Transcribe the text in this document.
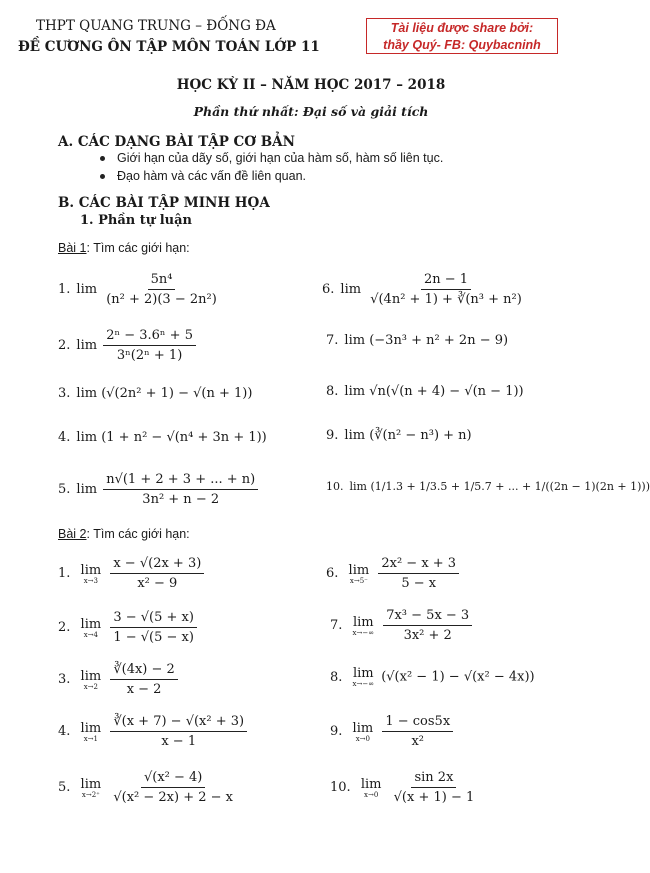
THPT QUANG TRUNG – ĐỐNG ĐA
ĐỀ CƯƠNG ÔN TẬP MÔN TOÁN LỚP 11
Tài liệu được share bởi:
thầy Quý- FB: Quybacninh
HỌC KỲ II – NĂM HỌC 2017 – 2018
Phần thứ nhất: Đại số và giải tích
A. CÁC DẠNG BÀI TẬP CƠ BẢN
Giới hạn của dãy số, giới hạn của hàm số, hàm số liên tục.
Đạo hàm và các vấn đề liên quan.
B. CÁC BÀI TẬP MINH HỌA
1. Phần tự luận
Bài 1: Tìm các giới hạn:
1. $\lim \frac{\text{5n⁴}}{\text{(n² + 2)(3 − 2n²)}}$
2. $\lim \frac{\text{2ⁿ − 3.6ⁿ + 5}}{\text{3ⁿ(2ⁿ + 1)}}$
3. lim (√(2n² + 1) − √(n + 1))
4. lim (1 + n² − √(n⁴ + 3n + 1))
5. $\lim \frac{n√(1 + 2 + 3 + ... + n)}{\text{3n² + n − 2}}$
6. $\lim \frac{2n - 1}{\text{√(4n² + 1) + ∛(n³ + n²)}}$
7. lim (−3n³ + n² + 2n − 9)
8. lim √n(√(n + 4) − √(n − 1))
9. lim (∛(n² − n³) + n)
10. lim (1/1.3 + 1/3.5 + 1/5.7 + ... + 1/((2n − 1)(2n + 1)))
Bài 2: Tìm các giới hạn:
1. lim
x→3
$\frac{x - √(2x + 3)}{\text{x² − 9}}$
2. lim
x→4
$\frac{3 - √(5 + x)}{1 - √(5 - x)}$
3. lim
x→2
$\frac{∛(4x) - 2}{x - 2}$
4. lim
x→1
$\frac{\text{∛(x + 7) − √(x² + 3)}}{x - 1}$
5. lim
x→2⁺
$\frac{\text{√(x² − 4)}}{\text{√(x² − 2x) + 2 − x}}$
6. lim
x→5⁻
$\frac{\text{2x² − x + 3}}{5 - x}$
7. lim
x→−∞
$\frac{\text{7x³ − 5x − 3}}{\text{3x² + 2}}$
8. lim
x→−∞ (√(x² − 1) − √(x² − 4x))
9. lim
x→0
$\frac{1 - \cos 5x}{\text{x²}}$
10. lim
x→0
$\frac{\sin 2x}{√(x + 1) - 1}$
